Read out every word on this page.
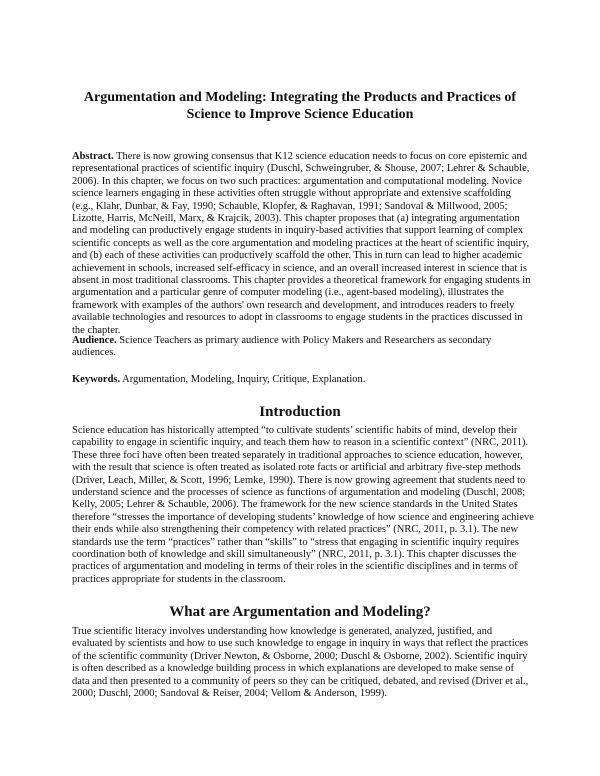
Argumentation and Modeling: Integrating the Products and Practices of
Science to Improve Science Education

Abstract. There is now growing consensus that K12 science education needs to focus on core epistemic and representational practices of scientific inquiry (Duschl, Schweingruber, & Shouse, 2007; Lehrer & Schauble, 2006). In this chapter, we focus on two such practices: argumentation and computational modeling. Novice science learners engaging in these activities often struggle without appropriate and extensive scaffolding (e.g., Klahr, Dunbar, & Fay, 1990; Schauble, Klopfer, & Raghavan, 1991; Sandoval & Millwood, 2005; Lizotte, Harris, McNeill, Marx, & Krajcik, 2003). This chapter proposes that (a) integrating argumentation and modeling can productively engage students in inquiry-based activities that support learning of complex scientific concepts as well as the core argumentation and modeling practices at the heart of scientific inquiry, and (b) each of these activities can productively scaffold the other. This in turn can lead to higher academic achievement in schools, increased self-efficacy in science, and an overall increased interest in science that is absent in most traditional classrooms. This chapter provides a theoretical framework for engaging students in argumentation and a particular genre of computer modeling (i.e., agent-based modeling), illustrates the framework with examples of the authors' own research and development, and introduces readers to freely available technologies and resources to adopt in classrooms to engage students in the practices discussed in the chapter.

Audience. Science Teachers as primary audience with Policy Makers and Researchers as secondary audiences.

Keywords. Argumentation, Modeling, Inquiry, Critique, Explanation.

Introduction

Science education has historically attempted “to cultivate students’ scientific habits of mind, develop their capability to engage in scientific inquiry, and teach them how to reason in a scientific context” (NRC, 2011). These three foci have often been treated separately in traditional approaches to science education, however, with the result that science is often treated as isolated rote facts or artificial and arbitrary five-step methods (Driver, Leach, Miller, & Scott, 1996; Lemke, 1990). There is now growing agreement that students need to understand science and the processes of science as functions of argumentation and modeling (Duschl, 2008; Kelly, 2005; Lehrer & Schauble, 2006). The framework for the new science standards in the United States therefore “stresses the importance of developing students’ knowledge of how science and engineering achieve their ends while also strengthening their competency with related practices” (NRC, 2011, p. 3.1). The new standards use the term “practices” rather than “skills” to “stress that engaging in scientific inquiry requires coordination both of knowledge and skill simultaneously” (NRC, 2011, p. 3.1). This chapter discusses the practices of argumentation and modeling in terms of their roles in the scientific disciplines and in terms of practices appropriate for students in the classroom.

What are Argumentation and Modeling?

True scientific literacy involves understanding how knowledge is generated, analyzed, justified, and evaluated by scientists and how to use such knowledge to engage in inquiry in ways that reflect the practices of the scientific community (Driver Newton, & Osborne, 2000; Duschl & Osborne, 2002). Scientific inquiry is often described as a knowledge building process in which explanations are developed to make sense of data and then presented to a community of peers so they can be critiqued, debated, and revised (Driver et al., 2000; Duschl, 2000; Sandoval & Reiser, 2004; Vellom & Anderson, 1999).
